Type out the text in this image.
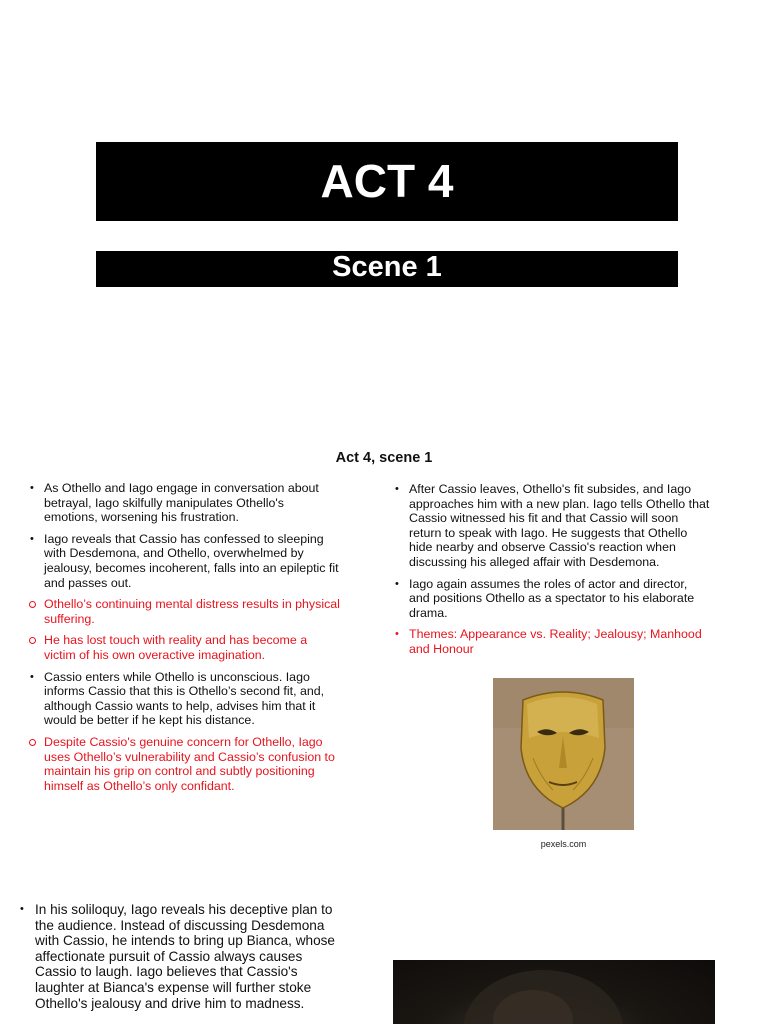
ACT 4
Scene 1
Act 4, scene 1
• As Othello and Iago engage in conversation about betrayal, Iago skilfully manipulates Othello's emotions, worsening his frustration.
• Iago reveals that Cassio has confessed to sleeping with Desdemona, and Othello, overwhelmed by jealousy, becomes incoherent, falls into an epileptic fit and passes out.
Othello’s continuing mental distress results in physical suffering.
He has lost touch with reality and has become a victim of his own overactive imagination.
• Cassio enters while Othello is unconscious. Iago informs Cassio that this is Othello’s second fit, and, although Cassio wants to help, advises him that it would be better if he kept his distance.
Despite Cassio's genuine concern for Othello, Iago uses Othello’s vulnerability and Cassio’s confusion to maintain his grip on control and subtly positioning himself as Othello’s only confidant.
• After Cassio leaves, Othello's fit subsides, and Iago approaches him with a new plan. Iago tells Othello that Cassio witnessed his fit and that Cassio will soon return to speak with Iago. He suggests that Othello hide nearby and observe Cassio's reaction when discussing his alleged affair with Desdemona.
• Iago again assumes the roles of actor and director, and positions Othello as a spectator to his elaborate drama.
• Themes: Appearance vs. Reality; Jealousy; Manhood and Honour
pexels.com
• In his soliloquy, Iago reveals his deceptive plan to the audience. Instead of discussing Desdemona with Cassio, he intends to bring up Bianca, whose affectionate pursuit of Cassio always causes Cassio to laugh. Iago believes that Cassio's laughter at Bianca's expense will further stoke Othello's jealousy and drive him to madness.
